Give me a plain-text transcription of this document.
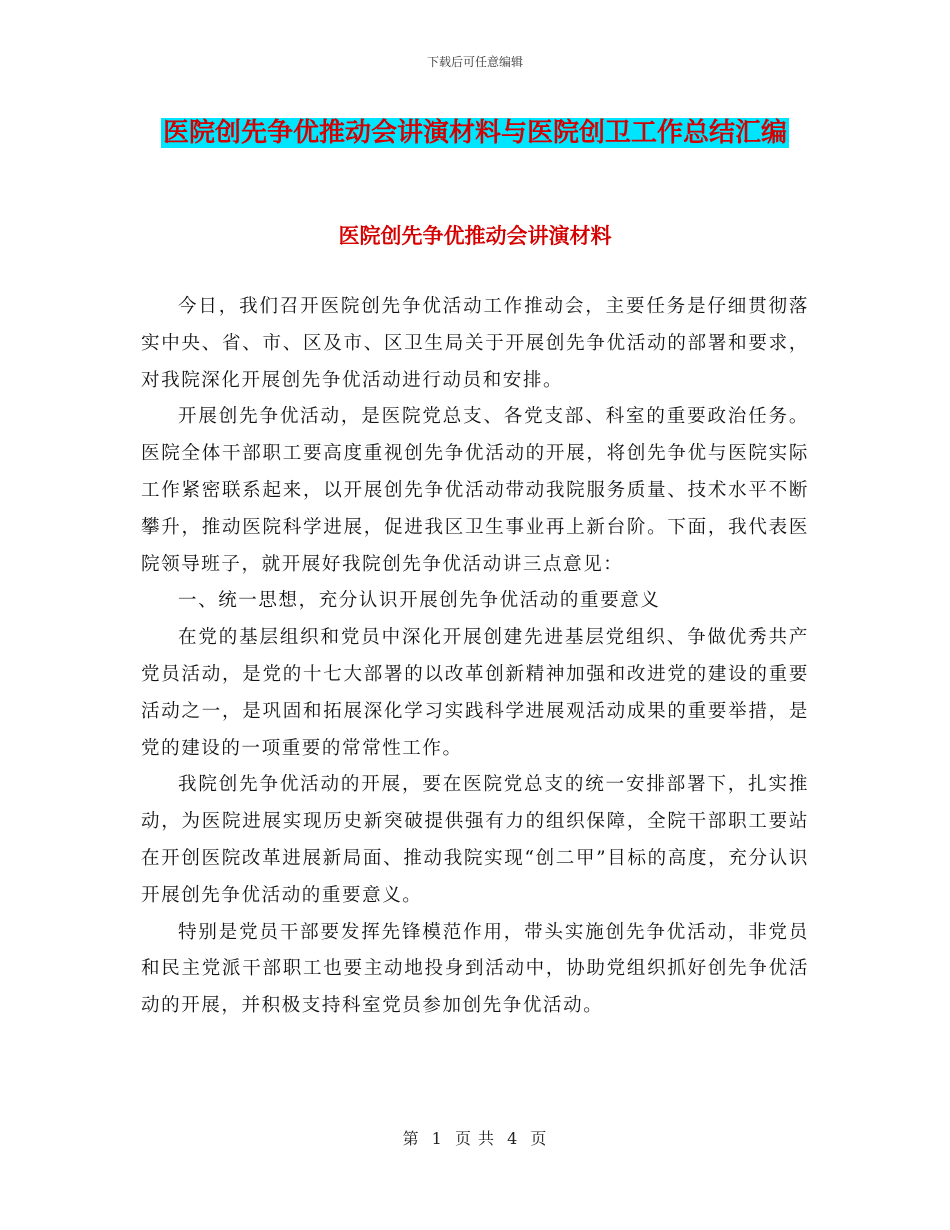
下载后可任意编辑
医院创先争优推动会讲演材料与医院创卫工作总结汇编
医院创先争优推动会讲演材料

今日，我们召开医院创先争优活动工作推动会，主要任务是仔细贯彻落实中央、省、市、区及市、区卫生局关于开展创先争优活动的部署和要求，对我院深化开展创先争优活动进行动员和安排。

开展创先争优活动，是医院党总支、各党支部、科室的重要政治任务。医院全体干部职工要高度重视创先争优活动的开展，将创先争优与医院实际工作紧密联系起来，以开展创先争优活动带动我院服务质量、技术水平不断攀升，推动医院科学进展，促进我区卫生事业再上新台阶。下面，我代表医院领导班子，就开展好我院创先争优活动讲三点意见：

一、统一思想，充分认识开展创先争优活动的重要意义

在党的基层组织和党员中深化开展创建先进基层党组织、争做优秀共产党员活动，是党的十七大部署的以改革创新精神加强和改进党的建设的重要活动之一，是巩固和拓展深化学习实践科学进展观活动成果的重要举措，是党的建设的一项重要的常常性工作。

我院创先争优活动的开展，要在医院党总支的统一安排部署下，扎实推动，为医院进展实现历史新突破提供强有力的组织保障，全院干部职工要站在开创医院改革进展新局面、推动我院实现“创二甲”目标的高度，充分认识开展创先争优活动的重要意义。

特别是党员干部要发挥先锋模范作用，带头实施创先争优活动，非党员和民主党派干部职工也要主动地投身到活动中，协助党组织抓好创先争优活动的开展，并积极支持科室党员参加创先争优活动。

第 1 页 共 4 页
